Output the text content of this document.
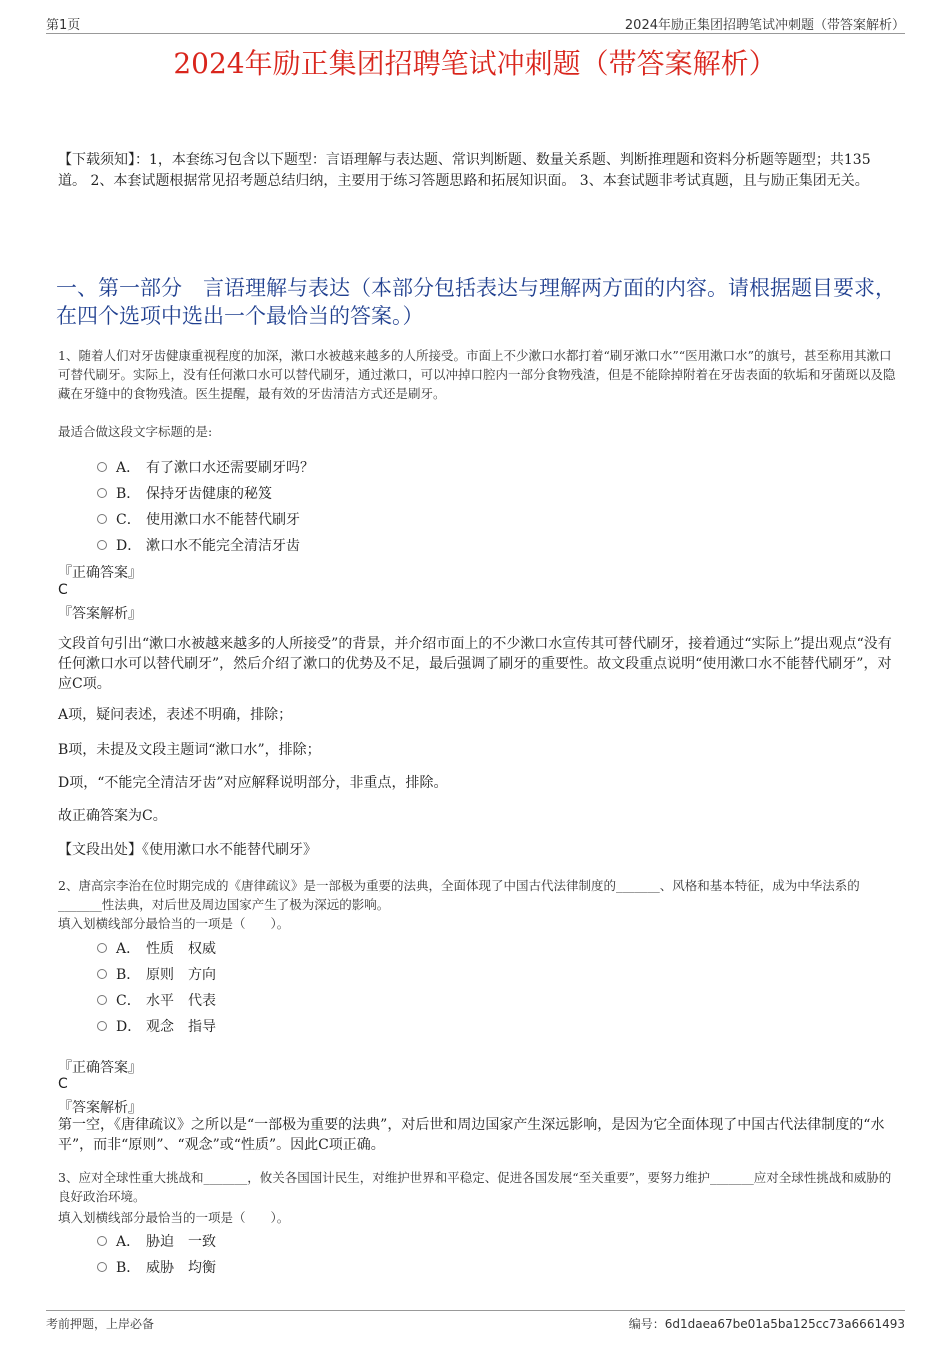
第1页	2024年励正集团招聘笔试冲刺题（带答案解析）
2024年励正集团招聘笔试冲刺题（带答案解析）
【下载须知】：1，本套练习包含以下题型：言语理解与表达题、常识判断题、数量关系题、判断推理题和资料分析题等题型；共135道。 2、本套试题根据常见招考题总结归纳，主要用于练习答题思路和拓展知识面。 3、本套试题非考试真题，且与励正集团无关。
一、第一部分　言语理解与表达（本部分包括表达与理解两方面的内容。请根据题目要求，在四个选项中选出一个最恰当的答案。）
1、随着人们对牙齿健康重视程度的加深，漱口水被越来越多的人所接受。市面上不少漱口水都打着“刷牙漱口水”“医用漱口水”的旗号，甚至称用其漱口可替代刷牙。实际上，没有任何漱口水可以替代刷牙，通过漱口，可以冲掉口腔内一部分食物残渣，但是不能除掉附着在牙齿表面的软垢和牙菌斑以及隐藏在牙缝中的食物残渣。医生提醒，最有效的牙齿清洁方式还是刷牙。
最适合做这段文字标题的是:
A． 有了漱口水还需要刷牙吗？
B． 保持牙齿健康的秘笈
C． 使用漱口水不能替代刷牙
D． 漱口水不能完全清洁牙齿
『正确答案』
C
『答案解析』
文段首句引出“漱口水被越来越多的人所接受”的背景，并介绍市面上的不少漱口水宣传其可替代刷牙，接着通过“实际上”提出观点“没有任何漱口水可以替代刷牙”，然后介绍了漱口的优势及不足，最后强调了刷牙的重要性。故文段重点说明“使用漱口水不能替代刷牙”，对应C项。
A项，疑问表述，表述不明确，排除；
B项，未提及文段主题词“漱口水”，排除；
D项，“不能完全清洁牙齿”对应解释说明部分，非重点，排除。
故正确答案为C。
【文段出处】《使用漱口水不能替代刷牙》
2、唐高宗李治在位时期完成的《唐律疏议》是一部极为重要的法典，全面体现了中国古代法律制度的_______、风格和基本特征，成为中华法系的_______性法典，对后世及周边国家产生了极为深远的影响。
填入划横线部分最恰当的一项是（　　）。
A． 性质　权威
B． 原则　方向
C． 水平　代表
D． 观念　指导
『正确答案』
C
『答案解析』
第一空，《唐律疏议》之所以是“一部极为重要的法典”，对后世和周边国家产生深远影响，是因为它全面体现了中国古代法律制度的“水平”，而非“原则”、“观念”或“性质”。因此C项正确。
3、应对全球性重大挑战和_______，攸关各国国计民生，对维护世界和平稳定、促进各国发展“至关重要”，要努力维护_______应对全球性挑战和威胁的良好政治环境。
填入划横线部分最恰当的一项是（　　）。
A． 胁迫　一致
B． 威胁　均衡
考前押题，上岸必备	编号：6d1daea67be01a5ba125cc73a6661493
